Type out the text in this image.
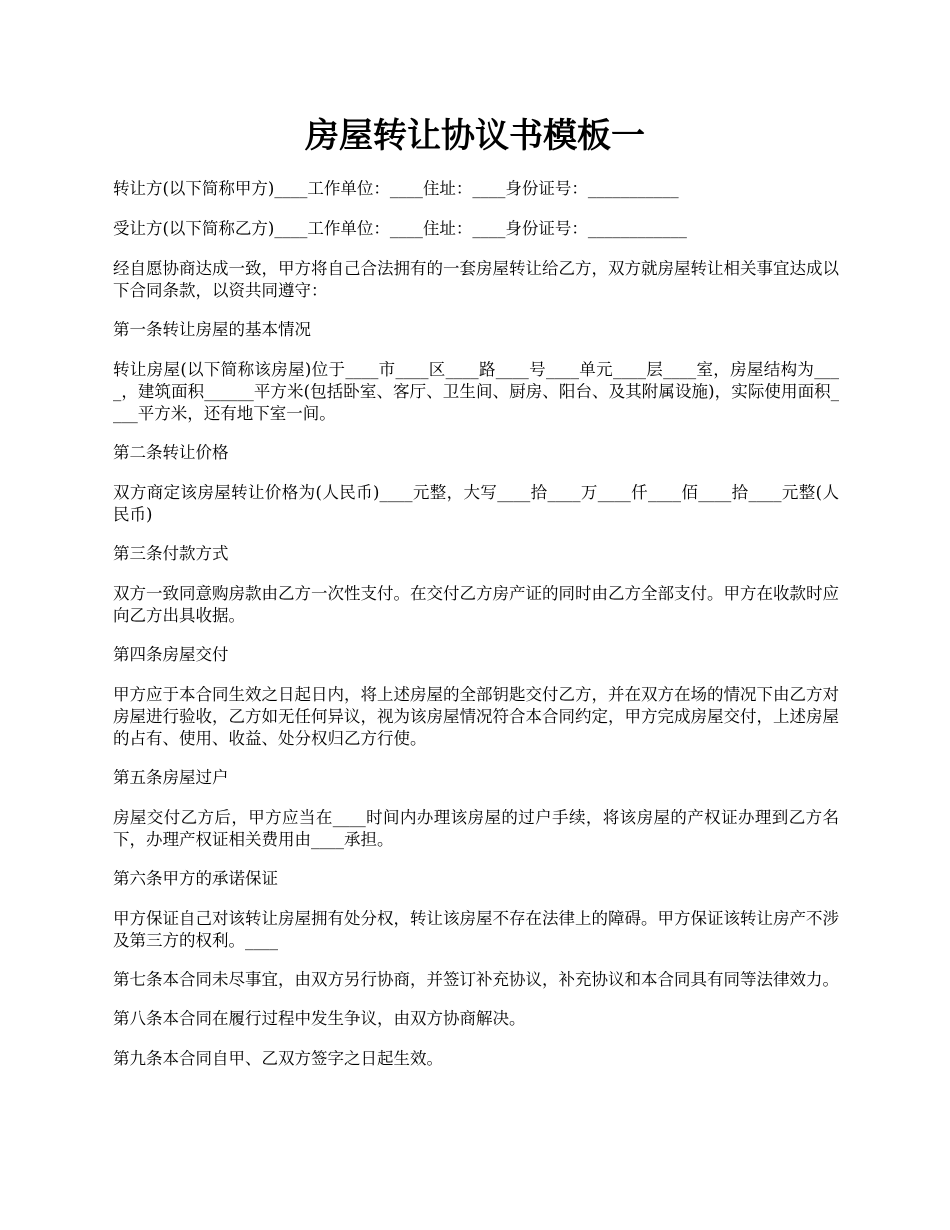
房屋转让协议书模板一

转让方(以下简称甲方)____工作单位：____住址：____身份证号：___________

受让方(以下简称乙方)____工作单位：____住址：____身份证号：____________

经自愿协商达成一致，甲方将自己合法拥有的一套房屋转让给乙方，双方就房屋转让相关事宜达成以下合同条款，以资共同遵守：

第一条转让房屋的基本情况

转让房屋(以下简称该房屋)位于____市____区____路____号____单元____层____室，房屋结构为____，建筑面积______平方米(包括卧室、客厅、卫生间、厨房、阳台、及其附属设施)，实际使用面积____平方米，还有地下室一间。

第二条转让价格

双方商定该房屋转让价格为(人民币)____元整，大写____拾____万____仟____佰____拾____元整(人民币)

第三条付款方式

双方一致同意购房款由乙方一次性支付。在交付乙方房产证的同时由乙方全部支付。甲方在收款时应向乙方出具收据。

第四条房屋交付

甲方应于本合同生效之日起日内，将上述房屋的全部钥匙交付乙方，并在双方在场的情况下由乙方对房屋进行验收，乙方如无任何异议，视为该房屋情况符合本合同约定，甲方完成房屋交付，上述房屋的占有、使用、收益、处分权归乙方行使。

第五条房屋过户

房屋交付乙方后，甲方应当在____时间内办理该房屋的过户手续，将该房屋的产权证办理到乙方名下，办理产权证相关费用由____承担。

第六条甲方的承诺保证

甲方保证自己对该转让房屋拥有处分权，转让该房屋不存在法律上的障碍。甲方保证该转让房产不涉及第三方的权利。____

第七条本合同未尽事宜，由双方另行协商，并签订补充协议，补充协议和本合同具有同等法律效力。

第八条本合同在履行过程中发生争议，由双方协商解决。

第九条本合同自甲、乙双方签字之日起生效。
